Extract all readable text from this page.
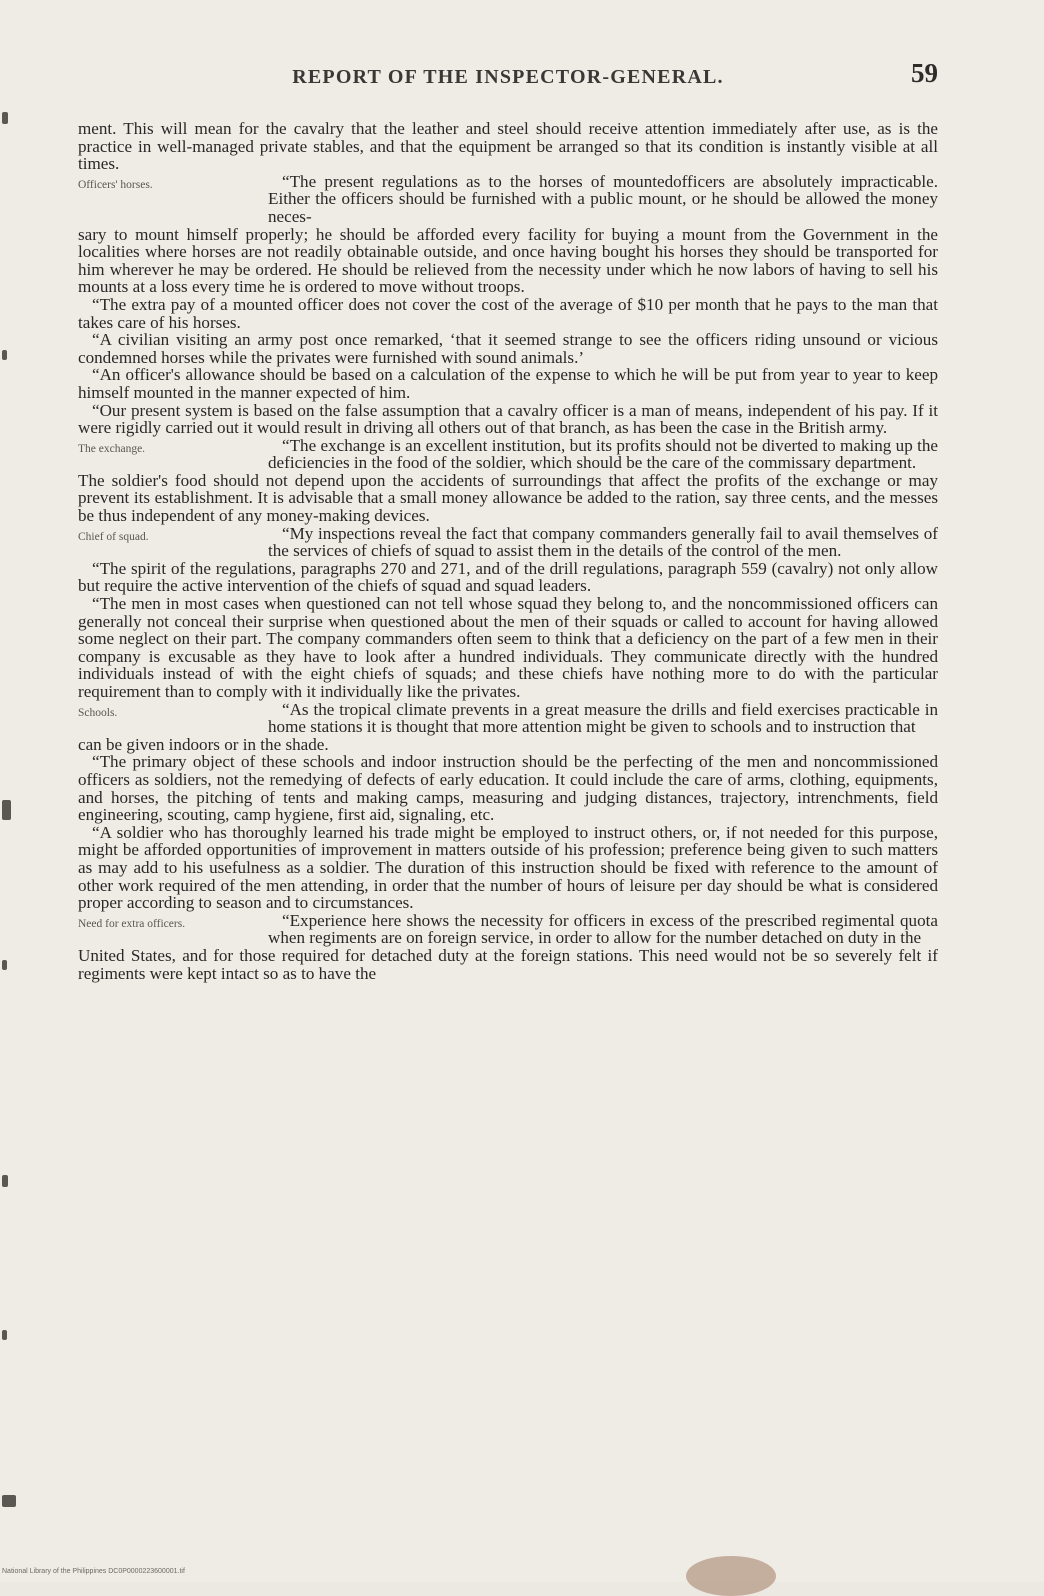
REPORT OF THE INSPECTOR-GENERAL.	59

ment. This will mean for the cavalry that the leather and steel should receive attention immediately after use, as is the practice in well-managed private stables, and that the equipment be arranged so that its condition is instantly visible at all times.

Officers' horses.	“The present regulations as to the horses of mountedofficers are absolutely impracticable. Either the officers should be furnished with a public mount, or he should be allowed the money neces-

sary to mount himself properly; he should be afforded every facility for buying a mount from the Government in the localities where horses are not readily obtainable outside, and once having bought his horses they should be transported for him wherever he may be ordered. He should be relieved from the necessity under which he now labors of having to sell his mounts at a loss every time he is ordered to move without troops.

“The extra pay of a mounted officer does not cover the cost of the average of $10 per month that he pays to the man that takes care of his horses.

“A civilian visiting an army post once remarked, ‘that it seemed strange to see the officers riding unsound or vicious condemned horses while the privates were furnished with sound animals.’

“An officer's allowance should be based on a calculation of the expense to which he will be put from year to year to keep himself mounted in the manner expected of him.

“Our present system is based on the false assumption that a cavalry officer is a man of means, independent of his pay. If it were rigidly carried out it would result in driving all others out of that branch, as has been the case in the British army.

The exchange.	“The exchange is an excellent institution, but its profits should not be diverted to making up the deficiencies in the food of the soldier, which should be the care of the commissary department.

The soldier's food should not depend upon the accidents of surroundings that affect the profits of the exchange or may prevent its establishment. It is advisable that a small money allowance be added to the ration, say three cents, and the messes be thus independent of any money-making devices.

Chief of squad.	“My inspections reveal the fact that company commanders generally fail to avail themselves of the services of chiefs of squad to assist them in the details of the control of the men.

“The spirit of the regulations, paragraphs 270 and 271, and of the drill regulations, paragraph 559 (cavalry) not only allow but require the active intervention of the chiefs of squad and squad leaders.

“The men in most cases when questioned can not tell whose squad they belong to, and the noncommissioned officers can generally not conceal their surprise when questioned about the men of their squads or called to account for having allowed some neglect on their part. The company commanders often seem to think that a deficiency on the part of a few men in their company is excusable as they have to look after a hundred individuals. They communicate directly with the hundred individuals instead of with the eight chiefs of squads; and these chiefs have nothing more to do with the particular requirement than to comply with it individually like the privates.

Schools.	“As the tropical climate prevents in a great measure the drills and field exercises practicable in home stations it is thought that more attention might be given to schools and to instruction that

can be given indoors or in the shade.

“The primary object of these schools and indoor instruction should be the perfecting of the men and noncommissioned officers as soldiers, not the remedying of defects of early education. It could include the care of arms, clothing, equipments, and horses, the pitching of tents and making camps, measuring and judging distances, trajectory, intrenchments, field engineering, scouting, camp hygiene, first aid, signaling, etc.

“A soldier who has thoroughly learned his trade might be employed to instruct others, or, if not needed for this purpose, might be afforded opportunities of improvement in matters outside of his profession; preference being given to such matters as may add to his usefulness as a soldier. The duration of this instruction should be fixed with reference to the amount of other work required of the men attending, in order that the number of hours of leisure per day should be what is considered proper according to season and to circumstances.

Need for extra officers.	“Experience here shows the necessity for officers in excess of the prescribed regimental quota when regiments are on foreign service, in order to allow for the number detached on duty in the

United States, and for those required for detached duty at the foreign stations. This need would not be so severely felt if regiments were kept intact so as to have the

National Library of the Philippines DC0P0000223600001.tif
